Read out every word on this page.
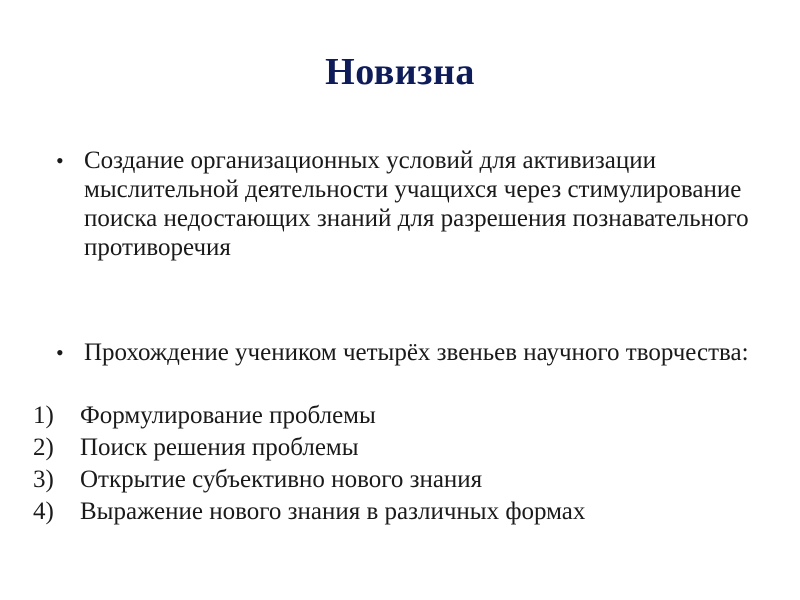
Новизна
• Создание организационных условий для активизации мыслительной деятельности учащихся через стимулирование поиска недостающих знаний для разрешения познавательного противоречия
• Прохождение учеником четырёх звеньев научного творчества:
1) Формулирование проблемы
2) Поиск решения проблемы
3) Открытие субъективно нового знания
4) Выражение нового знания в различных формах
